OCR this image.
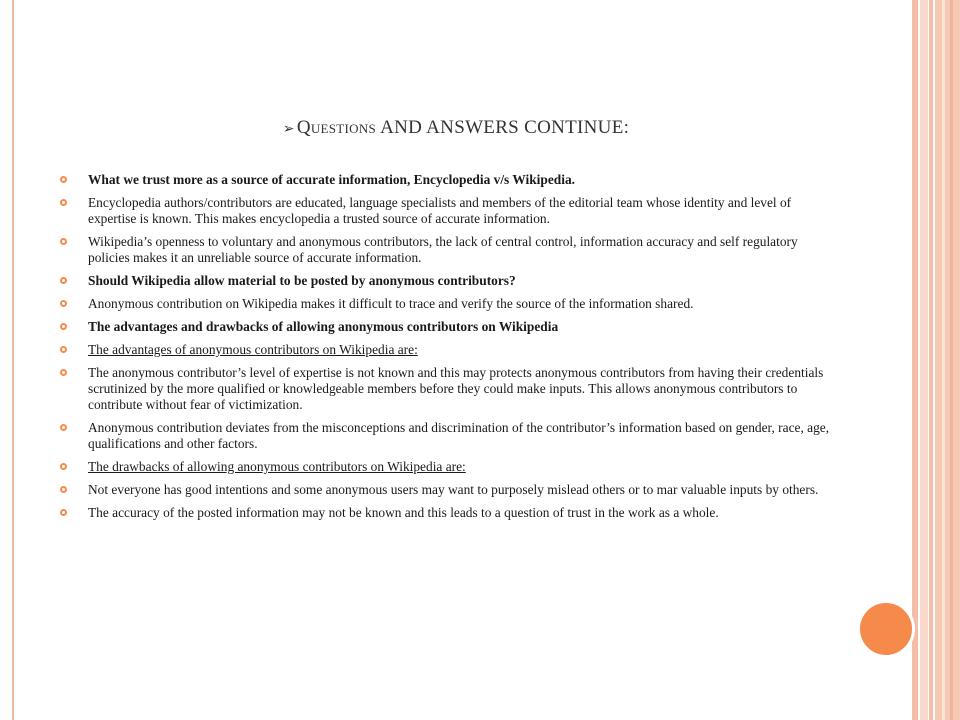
➢ Questions AND ANSWERS CONTINUE:
What we trust more as a source of accurate information, Encyclopedia v/s Wikipedia.
Encyclopedia authors/contributors are educated, language specialists and members of the editorial team whose identity and level of expertise is known. This makes encyclopedia a trusted source of accurate information.
Wikipedia’s openness to voluntary and anonymous contributors, the lack of central control, information accuracy and self regulatory policies makes it an unreliable source of accurate information.
Should Wikipedia allow material to be posted by anonymous contributors?
Anonymous contribution on Wikipedia makes it difficult to trace and verify the source of the information shared.
The advantages and drawbacks of allowing anonymous contributors on Wikipedia
The advantages of anonymous contributors on Wikipedia are:
The anonymous contributor’s level of expertise is not known and this may protects anonymous contributors from having their credentials scrutinized by the more qualified or knowledgeable members before they could make inputs. This allows anonymous contributors to contribute without fear of victimization.
Anonymous contribution deviates from the misconceptions and discrimination of the contributor’s information based on gender, race, age, qualifications and other factors.
The drawbacks of allowing anonymous contributors on Wikipedia are:
Not everyone has good intentions and some anonymous users may want to purposely mislead others or to mar valuable inputs by others.
The accuracy of the posted information may not be known and this leads to a question of trust in the work as a whole.
